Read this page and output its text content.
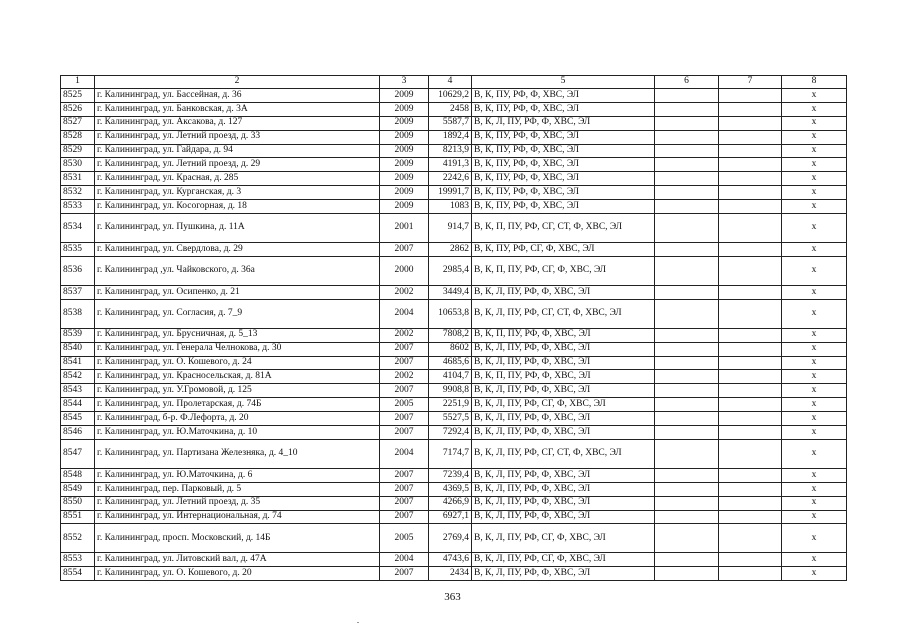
1	2	3	4	5	6	7	8
8525	г. Калининград, ул. Бассейная, д. 36	2009	10629,2	В, К, ПУ, РФ, Ф, ХВС, ЭЛ			х
8526	г. Калининград, ул. Банковская, д. 3А	2009	2458	В, К, ПУ, РФ, Ф, ХВС, ЭЛ			х
8527	г. Калининград, ул. Аксакова, д. 127	2009	5587,7	В, К, Л, ПУ, РФ, Ф, ХВС, ЭЛ			х
8528	г. Калининград, ул. Летний проезд, д. 33	2009	1892,4	В, К, ПУ, РФ, Ф, ХВС, ЭЛ			х
8529	г. Калининград, ул. Гайдара, д. 94	2009	8213,9	В, К, ПУ, РФ, Ф, ХВС, ЭЛ			х
8530	г. Калининград, ул. Летний проезд, д. 29	2009	4191,3	В, К, ПУ, РФ, Ф, ХВС, ЭЛ			х
8531	г. Калининград, ул. Красная, д. 285	2009	2242,6	В, К, ПУ, РФ, Ф, ХВС, ЭЛ			х
8532	г. Калининград, ул. Курганская, д. 3	2009	19991,7	В, К, ПУ, РФ, Ф, ХВС, ЭЛ			х
8533	г. Калининград, ул. Косогорная, д. 18	2009	1083	В, К, ПУ, РФ, Ф, ХВС, ЭЛ			х
8534	г. Калининград, ул. Пушкина, д. 11А	2001	914,7	В, К, П, ПУ, РФ, СГ, СТ, Ф, ХВС, ЭЛ			х
8535	г. Калининград, ул. Свердлова, д. 29	2007	2862	В, К, ПУ, РФ, СГ, Ф, ХВС, ЭЛ			х
8536	г. Калининград ,ул. Чайковского, д. 36а	2000	2985,4	В, К, П, ПУ, РФ, СГ, Ф, ХВС, ЭЛ			х
8537	г. Калининград, ул. Осипенко, д. 21	2002	3449,4	В, К, Л, ПУ, РФ, Ф, ХВС, ЭЛ			х
8538	г. Калининград, ул. Согласия, д. 7_9	2004	10653,8	В, К, Л, ПУ, РФ, СГ, СТ, Ф, ХВС, ЭЛ			х
8539	г. Калининград, ул. Брусничная, д. 5_13	2002	7808,2	В, К, П, ПУ, РФ, Ф, ХВС, ЭЛ			х
8540	г. Калининград, ул. Генерала Челнокова, д. 30	2007	8602	В, К, Л, ПУ, РФ, Ф, ХВС, ЭЛ			х
8541	г. Калининград, ул. О. Кошевого, д. 24	2007	4685,6	В, К, Л, ПУ, РФ, Ф, ХВС, ЭЛ			х
8542	г. Калининград, ул. Красносельская, д. 81А	2002	4104,7	В, К, П, ПУ, РФ, Ф, ХВС, ЭЛ			х
8543	г. Калининград, ул. У.Громовой, д. 125	2007	9908,8	В, К, Л, ПУ, РФ, Ф, ХВС, ЭЛ			х
8544	г. Калининград, ул. Пролетарская, д. 74Б	2005	2251,9	В, К, Л, ПУ, РФ, СГ, Ф, ХВС, ЭЛ			х
8545	г. Калининград, б-р. Ф.Лефорта, д. 20	2007	5527,5	В, К, Л, ПУ, РФ, Ф, ХВС, ЭЛ			х
8546	г. Калининград, ул. Ю.Маточкина, д. 10	2007	7292,4	В, К, Л, ПУ, РФ, Ф, ХВС, ЭЛ			х
8547	г. Калининград, ул. Партизана Железняка, д. 4_10	2004	7174,7	В, К, Л, ПУ, РФ, СГ, СТ, Ф, ХВС, ЭЛ			х
8548	г. Калининград, ул. Ю.Маточкина, д. 6	2007	7239,4	В, К, Л, ПУ, РФ, Ф, ХВС, ЭЛ			х
8549	г. Калининград, пер. Парковый, д. 5	2007	4369,5	В, К, Л, ПУ, РФ, Ф, ХВС, ЭЛ			х
8550	г. Калининград, ул. Летний проезд, д. 35	2007	4266,9	В, К, Л, ПУ, РФ, Ф, ХВС, ЭЛ			х
8551	г. Калининград, ул. Интернациональная, д. 74	2007	6927,1	В, К, Л, ПУ, РФ, Ф, ХВС, ЭЛ			х
8552	г. Калининград, просп. Московский, д. 14Б	2005	2769,4	В, К, Л, ПУ, РФ, СГ, Ф, ХВС, ЭЛ			х
8553	г. Калининград, ул. Литовский вал, д. 47А	2004	4743,6	В, К, Л, ПУ, РФ, СГ, Ф, ХВС, ЭЛ			х
8554	г. Калининград, ул. О. Кошевого, д. 20	2007	2434	В, К, Л, ПУ, РФ, Ф, ХВС, ЭЛ			х
363
